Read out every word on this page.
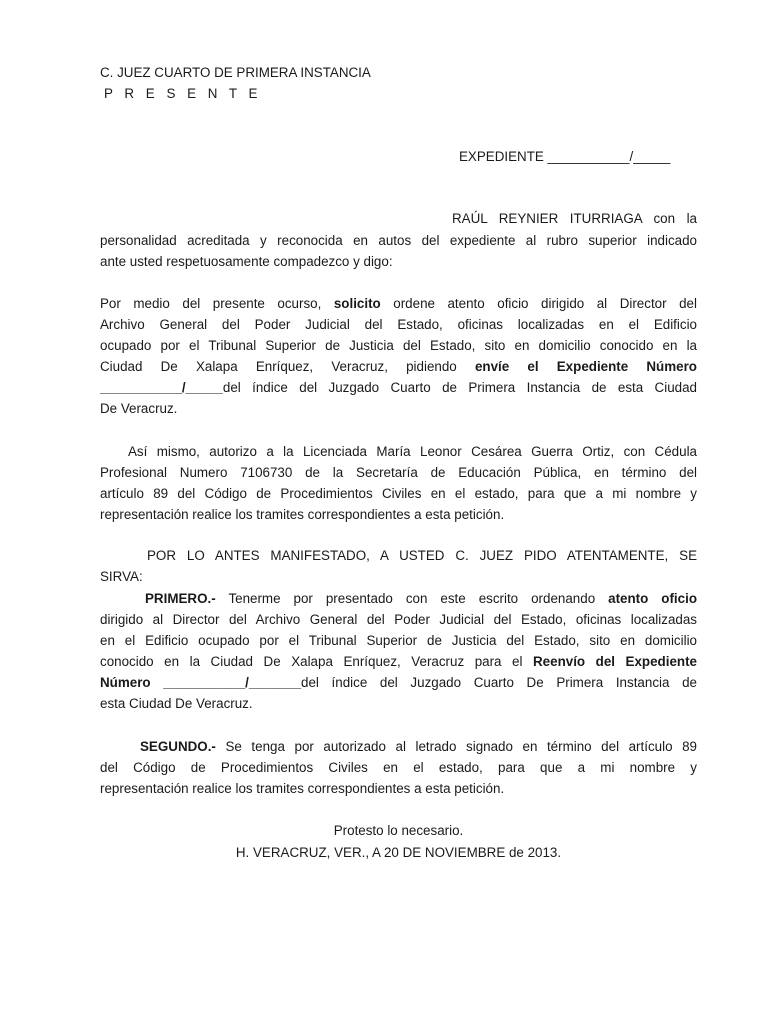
C. JUEZ CUARTO DE PRIMERA INSTANCIA
P R E S E N T E
EXPEDIENTE ___________/_____
RAÚL REYNIER ITURRIAGA con la
personalidad acreditada y reconocida en autos del expediente al rubro superior indicado
ante usted respetuosamente compadezco y digo:
Por medio del presente ocurso, solicito ordene atento oficio dirigido al Director del
Archivo General del Poder Judicial del Estado, oficinas localizadas en el Edificio
ocupado por el Tribunal Superior de Justicia del Estado, sito en domicilio conocido en la
Ciudad De Xalapa Enríquez, Veracruz, pidiendo envíe el Expediente Número
___________/_____del índice del Juzgado Cuarto de Primera Instancia de esta Ciudad
De Veracruz.
Así mismo, autorizo a la Licenciada María Leonor Cesárea Guerra Ortiz, con Cédula
Profesional Numero 7106730 de la Secretaría de Educación Pública, en término del
artículo 89 del Código de Procedimientos Civiles en el estado, para que a mi nombre y
representación realice los tramites correspondientes a esta petición.
POR LO ANTES MANIFESTADO, A USTED C. JUEZ PIDO ATENTAMENTE, SE
SIRVA:
PRIMERO.- Tenerme por presentado con este escrito ordenando atento oficio
dirigido al Director del Archivo General del Poder Judicial del Estado, oficinas localizadas
en el Edificio ocupado por el Tribunal Superior de Justicia del Estado, sito en domicilio
conocido en la Ciudad De Xalapa Enríquez, Veracruz para el Reenvío del Expediente
Número ___________/_______del índice del Juzgado Cuarto De Primera Instancia de
esta Ciudad De Veracruz.
SEGUNDO.- Se tenga por autorizado al letrado signado en término del artículo 89
del Código de Procedimientos Civiles en el estado, para que a mi nombre y
representación realice los tramites correspondientes a esta petición.
Protesto lo necesario.
H. VERACRUZ, VER., A 20 DE NOVIEMBRE de 2013.
